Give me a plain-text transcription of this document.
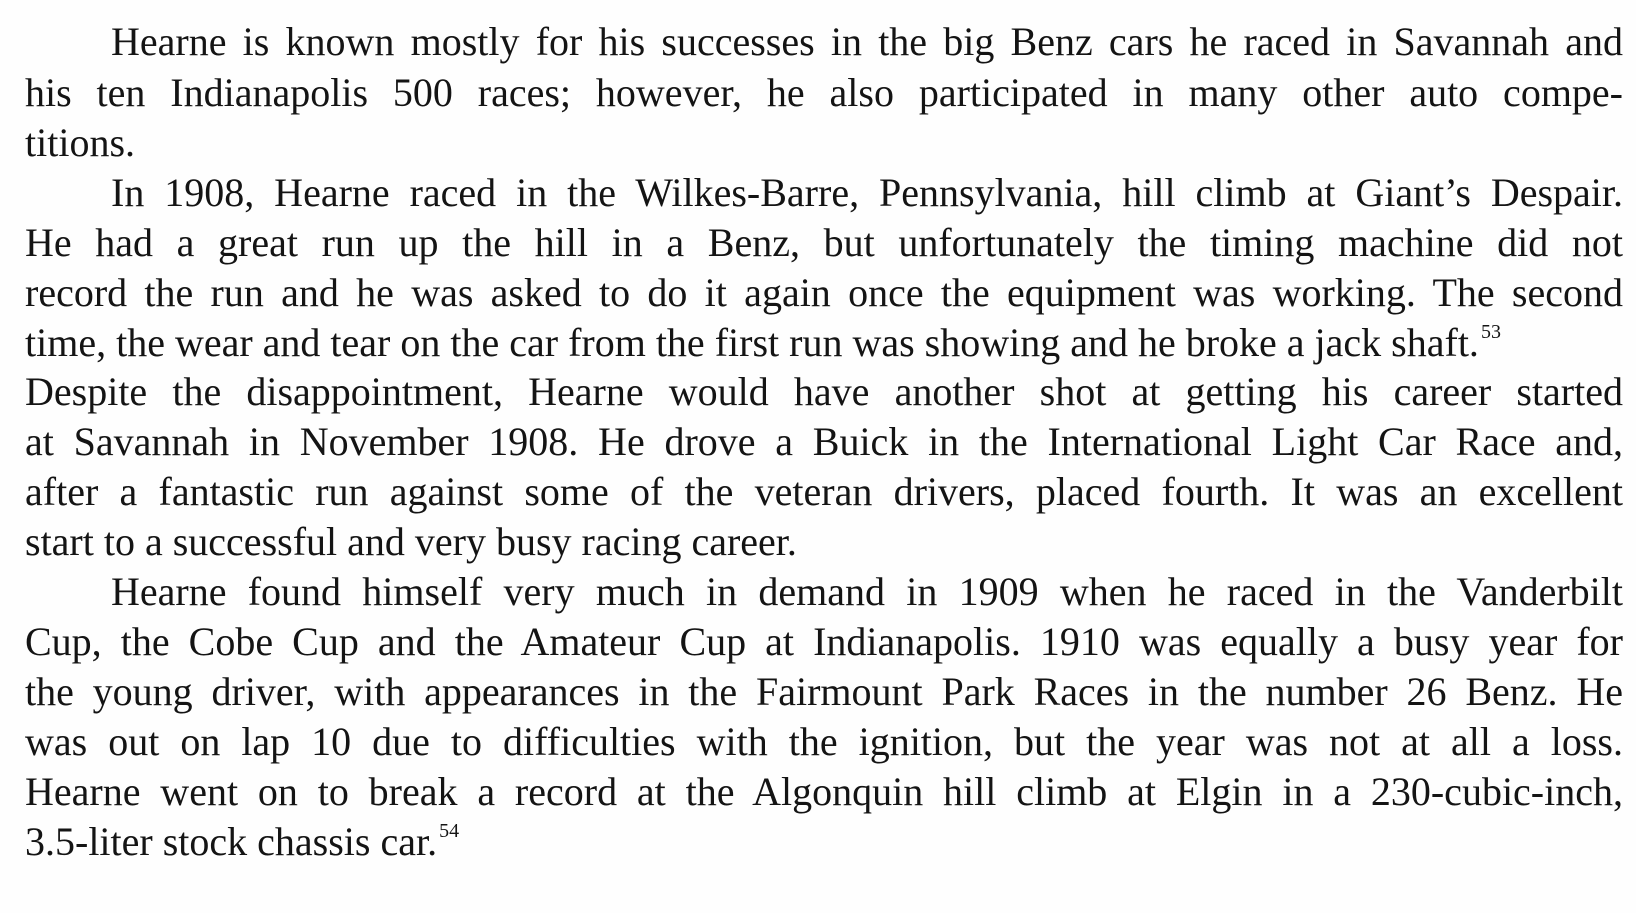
Hearne is known mostly for his successes in the big Benz cars he raced in Savannah and
his ten Indianapolis 500 races; however, he also participated in many other auto compe-
titions.
In 1908, Hearne raced in the Wilkes-Barre, Pennsylvania, hill climb at Giant’s Despair.
He had a great run up the hill in a Benz, but unfortunately the timing machine did not
record the run and he was asked to do it again once the equipment was working. The second
time, the wear and tear on the car from the first run was showing and he broke a jack shaft. $^{53}$
Despite the disappointment, Hearne would have another shot at getting his career started
at Savannah in November 1908. He drove a Buick in the International Light Car Race and,
after a fantastic run against some of the veteran drivers, placed fourth. It was an excellent
start to a successful and very busy racing career.
Hearne found himself very much in demand in 1909 when he raced in the Vanderbilt
Cup, the Cobe Cup and the Amateur Cup at Indianapolis. 1910 was equally a busy year for
the young driver, with appearances in the Fairmount Park Races in the number 26 Benz. He
was out on lap 10 due to difficulties with the ignition, but the year was not at all a loss.
Hearne went on to break a record at the Algonquin hill climb at Elgin in a 230-cubic-inch,
3.5-liter stock chassis car. $^{54}$
